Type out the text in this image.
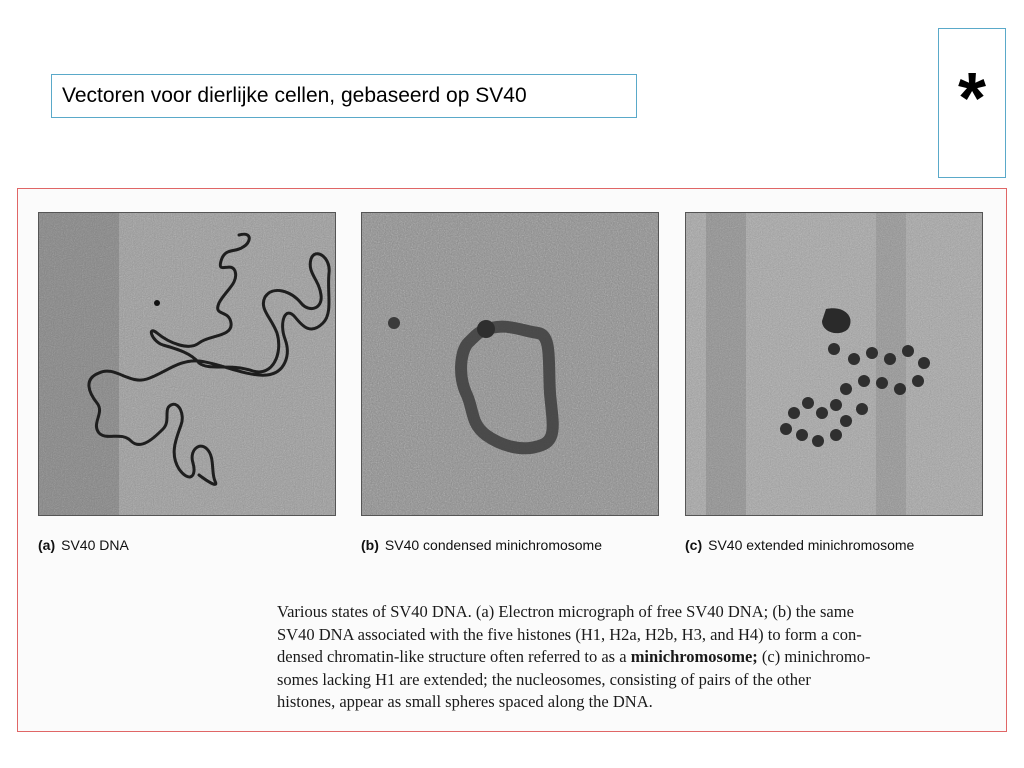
Vectoren voor dierlijke cellen, gebaseerd op SV40	*
(a) SV40 DNA	(b) SV40 condensed minichromosome	(c) SV40 extended minichromosome

Various states of SV40 DNA. (a) Electron micrograph of free SV40 DNA; (b) the same

SV40 DNA associated with the five histones (H1, H2a, H2b, H3, and H4) to form a con-

densed chromatin-like structure often referred to as a minichromosome; (c) minichromo-

somes lacking H1 are extended; the nucleosomes, consisting of pairs of the other

histones, appear as small spheres spaced along the DNA.
